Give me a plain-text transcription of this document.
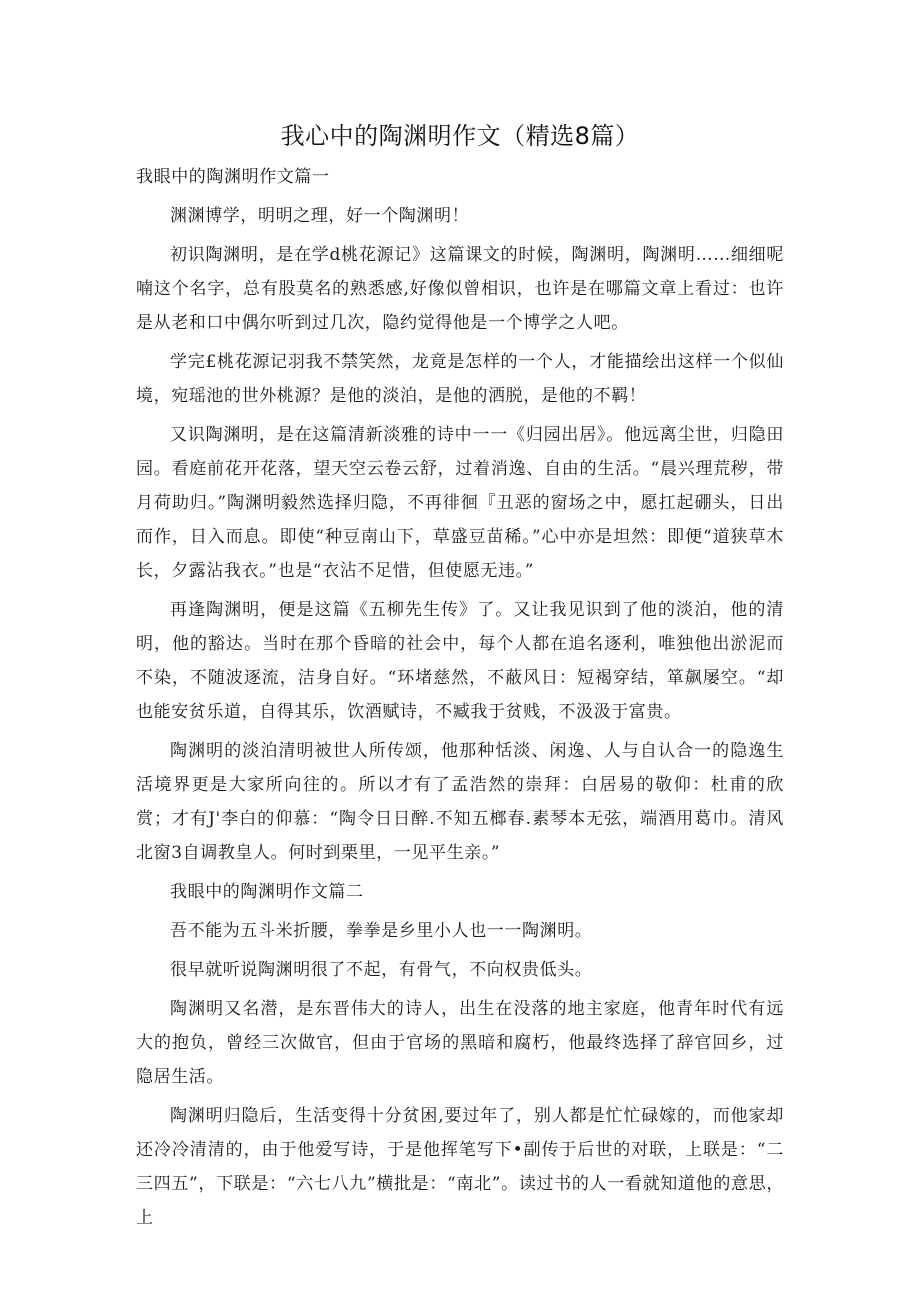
我心中的陶渊明作文（精选8篇）

我眼中的陶渊明作文篇一

渊渊博学，明明之理，好一个陶渊明！

初识陶渊明，是在学d桃花源记》这篇课文的时候，陶渊明，陶渊明……细细呢喃这个名字，总有股莫名的熟悉感,好像似曾相识，也许是在哪篇文章上看过：也许是从老和口中偶尔听到过几次，隐约觉得他是一个博学之人吧。

学完£桃花源记羽我不禁笑然，龙竟是怎样的一个人，才能描绘出这样一个似仙境，宛瑶池的世外桃源？是他的淡泊，是他的洒脱，是他的不羁！

又识陶渊明，是在这篇清新淡雅的诗中一一《归园出居》。他远离尘世，归隐田园。看庭前花开花落，望天空云卷云舒，过着消逸、自由的生活。“晨兴理荒秽，带月荷助归。”陶渊明毅然选择归隐，不再徘徊『丑恶的窗场之中，愿扛起硼头，日出而作，日入而息。即使“种豆南山下，草盛豆苗稀。”心中亦是坦然：即便“道狭草木长，夕露沾我衣。”也是“衣沾不足惜，但使愿无违。”

再逢陶渊明，便是这篇《五柳先生传》了。又让我见识到了他的淡泊，他的清明，他的豁达。当时在那个昏暗的社会中，每个人都在追名逐利，唯独他出淤泥而不染，不随波逐流，洁身自好。“环堵慈然，不蔽风日：短褐穿结，箪飙屡空。“却也能安贫乐道，自得其乐，饮酒赋诗，不臧我于贫贱，不汲汲于富贵。

陶渊明的淡泊清明被世人所传颂，他那种恬淡、闲逸、人与自认合一的隐逸生活境界更是大家所向往的。所以才有了孟浩然的崇拜：白居易的敬仰：杜甫的欣赏；才有J'李白的仰慕：“陶令日日醉.不知五榔春.素琴本无弦，端酒用葛巾。清风北窗3自调教皇人。何时到栗里，一见平生亲。”

我眼中的陶渊明作文篇二

吾不能为五斗米折腰，拳拳是乡里小人也一一陶渊明。

很早就听说陶渊明很了不起，有骨气，不向权贵低头。

陶渊明又名潜，是东晋伟大的诗人，出生在没落的地主家庭，他青年时代有远大的抱负，曾经三次做官，但由于官场的黑暗和腐朽，他最终选择了辞官回乡，过隐居生活。

陶渊明归隐后，生活变得十分贫困,要过年了，别人都是忙忙碌嫁的，而他家却还冷冷清清的，由于他爱写诗，于是他挥笔写下•副传于后世的对联，上联是：“二三四五”，下联是：“六七八九”横批是：“南北”。读过书的人一看就知道他的意思，上
